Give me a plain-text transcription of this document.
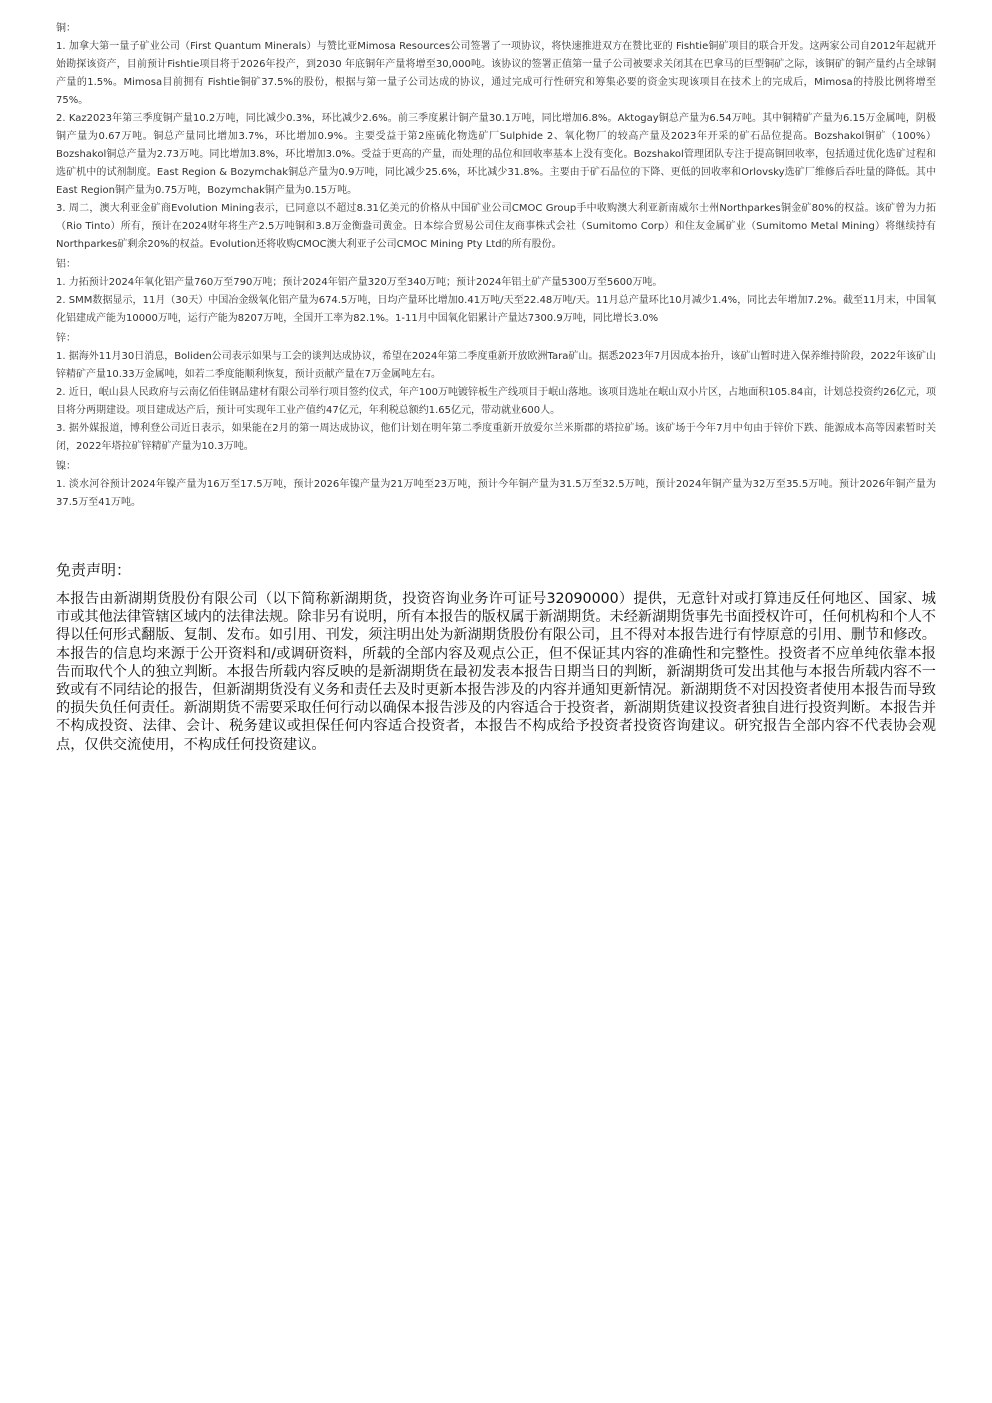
铜：

1. 加拿大第一量子矿业公司（First Quantum Minerals）与赞比亚Mimosa Resources公司签署了一项协议，将快速推进双方在赞比亚的 Fishtie铜矿项目的联合开发。这两家公司自2012年起就开始勘探该资产，目前预计Fishtie项目将于2026年投产，到2030 年底铜年产量将增至30,000吨。该协议的签署正值第一量子公司被要求关闭其在巴拿马的巨型铜矿之际，该铜矿的铜产量约占全球铜产量的1.5%。Mimosa目前拥有 Fishtie铜矿37.5%的股份，根据与第一量子公司达成的协议，通过完成可行性研究和筹集必要的资金实现该项目在技术上的完成后，Mimosa的持股比例将增至75%。

2. Kaz2023年第三季度铜产量10.2万吨，同比减少0.3%，环比减少2.6%。前三季度累计铜产量30.1万吨，同比增加6.8%。Aktogay铜总产量为6.54万吨。其中铜精矿产量为6.15万金属吨，阴极铜产量为0.67万吨。铜总产量同比增加3.7%，环比增加0.9%。主要受益于第2座硫化物选矿厂Sulphide 2、氧化物厂的较高产量及2023年开采的矿石品位提高。Bozshakol铜矿（100%）Bozshakol铜总产量为2.73万吨。同比增加3.8%，环比增加3.0%。受益于更高的产量，而处理的品位和回收率基本上没有变化。Bozshakol管理团队专注于提高铜回收率，包括通过优化选矿过程和选矿机中的试剂制度。East Region & Bozymchak铜总产量为0.9万吨，同比减少25.6%，环比减少31.8%。主要由于矿石品位的下降、更低的回收率和Orlovsky选矿厂维修后吞吐量的降低。其中East Region铜产量为0.75万吨，Bozymchak铜产量为0.15万吨。

3. 周二，澳大利亚金矿商Evolution Mining表示，已同意以不超过8.31亿美元的价格从中国矿业公司CMOC Group手中收购澳大利亚新南威尔士州Northparkes铜金矿80%的权益。该矿曾为力拓（Rio Tinto）所有，预计在2024财年将生产2.5万吨铜和3.8万金衡盎司黄金。日本综合贸易公司住友商事株式会社（Sumitomo Corp）和住友金属矿业（Sumitomo Metal Mining）将继续持有Northparkes矿剩余20%的权益。Evolution还将收购CMOC澳大利亚子公司CMOC Mining Pty Ltd的所有股份。

铝：

1. 力拓预计2024年氧化铝产量760万至790万吨；预计2024年铝产量320万至340万吨；预计2024年铝土矿产量5300万至5600万吨。

2. SMM数据显示，11月（30天）中国冶金级氧化铝产量为674.5万吨，日均产量环比增加0.41万吨/天至22.48万吨/天。11月总产量环比10月减少1.4%，同比去年增加7.2%。截至11月末，中国氧化铝建成产能为10000万吨，运行产能为8207万吨，全国开工率为82.1%。1-11月中国氧化铝累计产量达7300.9万吨，同比增长3.0%

锌：

1. 据海外11月30日消息，Boliden公司表示如果与工会的谈判达成协议，希望在2024年第二季度重新开放欧洲Tara矿山。据悉2023年7月因成本抬升，该矿山暂时进入保养维持阶段，2022年该矿山锌精矿产量10.33万金属吨，如若二季度能顺利恢复，预计贡献产量在7万金属吨左右。

2. 近日，岷山县人民政府与云南亿佰佳钢品建材有限公司举行项目签约仪式，年产100万吨镀锌板生产线项目于岷山落地。该项目选址在岷山双小片区，占地面积105.84亩，计划总投资约26亿元，项目将分两期建设。项目建成达产后，预计可实现年工业产值约47亿元，年利税总额约1.65亿元，带动就业600人。

3. 据外媒报道，博利登公司近日表示，如果能在2月的第一周达成协议，他们计划在明年第二季度重新开放爱尔兰米斯郡的塔拉矿场。该矿场于今年7月中旬由于锌价下跌、能源成本高等因素暂时关闭，2022年塔拉矿锌精矿产量为10.3万吨。

镍：

1. 淡水河谷预计2024年镍产量为16万至17.5万吨，预计2026年镍产量为21万吨至23万吨，预计今年铜产量为31.5万至32.5万吨，预计2024年铜产量为32万至35.5万吨。预计2026年铜产量为37.5万至41万吨。

免责声明：

本报告由新湖期货股份有限公司（以下简称新湖期货，投资咨询业务许可证号32090000）提供，无意针对或打算违反任何地区、国家、城市或其他法律管辖区域内的法律法规。除非另有说明，所有本报告的版权属于新湖期货。未经新湖期货事先书面授权许可，任何机构和个人不得以任何形式翻版、复制、发布。如引用、刊发，须注明出处为新湖期货股份有限公司，且不得对本报告进行有悖原意的引用、删节和修改。本报告的信息均来源于公开资料和/或调研资料，所载的全部内容及观点公正，但不保证其内容的准确性和完整性。投资者不应单纯依靠本报告而取代个人的独立判断。本报告所载内容反映的是新湖期货在最初发表本报告日期当日的判断，新湖期货可发出其他与本报告所载内容不一致或有不同结论的报告，但新湖期货没有义务和责任去及时更新本报告涉及的内容并通知更新情况。新湖期货不对因投资者使用本报告而导致的损失负任何责任。新湖期货不需要采取任何行动以确保本报告涉及的内容适合于投资者，新湖期货建议投资者独自进行投资判断。本报告并不构成投资、法律、会计、税务建议或担保任何内容适合投资者，本报告不构成给予投资者投资咨询建议。研究报告全部内容不代表协会观点，仅供交流使用，不构成任何投资建议。
